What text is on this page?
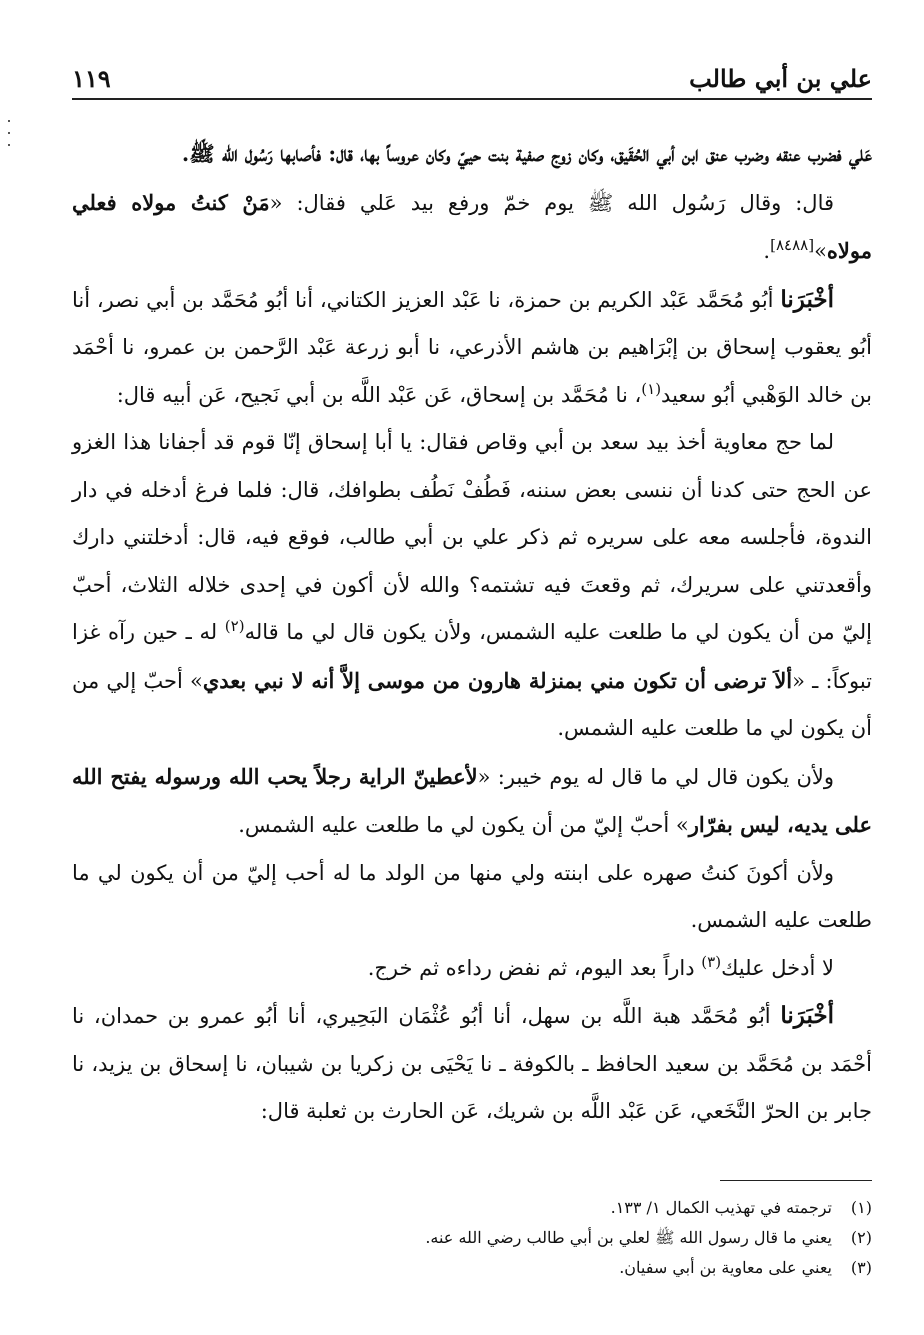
علي بن أبي طالب
١١٩

عَلي فضرب عنقه وضرب عنق ابن أبي الحُقَيق، وكان زوج صفية بنت حييّ وكان عروساً بها، قال: فأصابها رَسُول الله ﷺ.

قال: وقال رَسُول الله ﷺ يوم خمّ ورفع بيد عَلي فقال: «مَنْ كنتُ مولاه فعلي مولاه»[٨٤٨٨].

أخْبَرَنا أبُو مُحَمَّد عَبْد الكريم بن حمزة، نا عَبْد العزيز الكتاني، أنا أبُو مُحَمَّد بن أبي نصر، أنا أبُو يعقوب إسحاق بن إبْرَاهيم بن هاشم الأذرعي، نا أبو زرعة عَبْد الرَّحمن بن عمرو، نا أحْمَد بن خالد الوَهْبي أبُو سعيد$^{(١)}$، نا مُحَمَّد بن إسحاق، عَن عَبْد اللَّه بن أبي نَجيح، عَن أبيه قال:

لما حج معاوية أخذ بيد سعد بن أبي وقاص فقال: يا أبا إسحاق إنّا قوم قد أجفانا هذا الغزو عن الحج حتى كدنا أن ننسى بعض سننه، فَطُفْ نَطُف بطوافك، قال: فلما فرغ أدخله في دار الندوة، فأجلسه معه على سريره ثم ذكر علي بن أبي طالب، فوقع فيه، قال: أدخلتني دارك وأقعدتني على سريرك، ثم وقعتَ فيه تشتمه؟ والله لأن أكون في إحدى خلاله الثلاث، أحبّ إليّ من أن يكون لي ما طلعت عليه الشمس، ولأن يكون قال لي ما قاله$^{(٢)}$ له ـ حين رآه غزا تبوكاً: ـ «ألاَ ترضى أن تكون مني بمنزلة هارون من موسى إلاَّ أنه لا نبي بعدي» أحبّ إلي من أن يكون لي ما طلعت عليه الشمس.

ولأن يكون قال لي ما قال له يوم خيبر: «لأعطينّ الراية رجلاً يحب الله ورسوله يفتح الله على يديه، ليس بفرّار» أحبّ إليّ من أن يكون لي ما طلعت عليه الشمس.

ولأن أكونَ كنتُ صهره على ابنته ولي منها من الولد ما له أحب إليّ من أن يكون لي ما طلعت عليه الشمس.

لا أدخل عليك$^{(٣)}$ داراً بعد اليوم، ثم نفض رداءه ثم خرج.

أخْبَرَنا أبُو مُحَمَّد هبة اللَّه بن سهل، أنا أبُو عُثْمَان البَحِيري، أنا أبُو عمرو بن حمدان، نا أحْمَد بن مُحَمَّد بن سعيد الحافظ ـ بالكوفة ـ نا يَحْيَى بن زكريا بن شيبان، نا إسحاق بن يزيد، نا جابر بن الحرّ النَّخَعي، عَن عَبْد اللَّه بن شريك، عَن الحارث بن ثعلبة قال:

(١)ترجمته في تهذيب الكمال ١/ ١٣٣.
(٢)يعني ما قال رسول الله ﷺ لعلي بن أبي طالب رضي الله عنه.
(٣)يعني على معاوية بن أبي سفيان.
